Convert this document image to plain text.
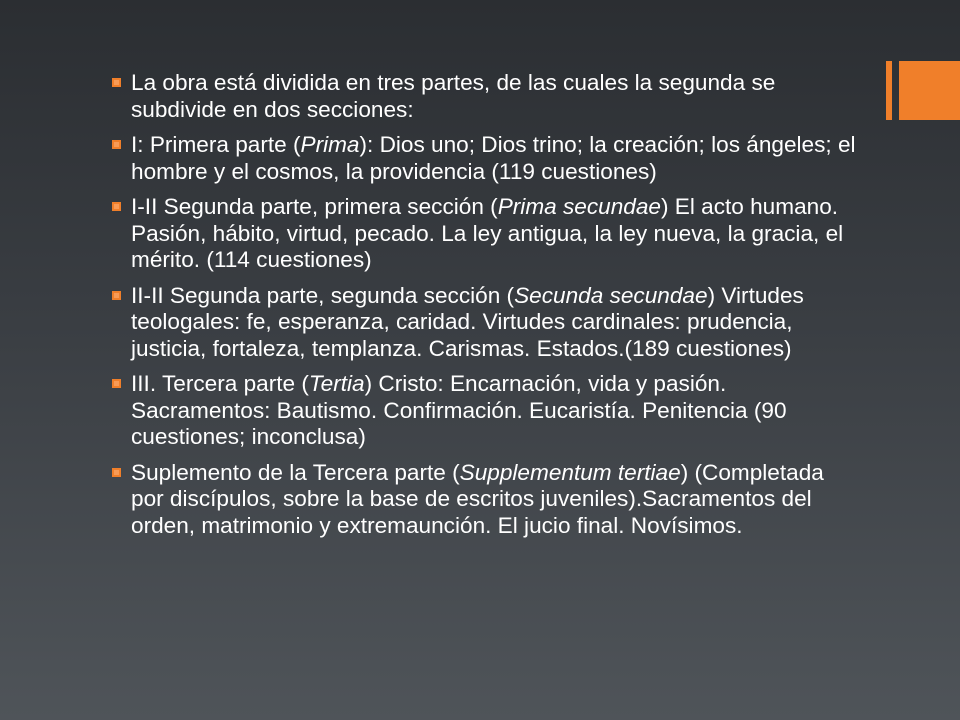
La obra está dividida en tres partes, de las cuales la segunda se subdivide en dos secciones:
I: Primera parte (Prima): Dios uno; Dios trino; la creación; los ángeles; el hombre y el cosmos, la providencia (119 cuestiones)
I-II Segunda parte, primera sección (Prima secundae) El acto humano. Pasión, hábito, virtud, pecado. La ley antigua, la ley nueva, la gracia, el mérito. (114 cuestiones)
II-II Segunda parte, segunda sección (Secunda secundae) Virtudes teologales: fe, esperanza, caridad. Virtudes cardinales: prudencia, justicia, fortaleza, templanza. Carismas. Estados.(189 cuestiones)
III. Tercera parte (Tertia) Cristo: Encarnación, vida y pasión. Sacramentos: Bautismo. Confirmación. Eucaristía. Penitencia (90 cuestiones; inconclusa)
Suplemento de la Tercera parte (Supplementum tertiae) (Completada por discípulos, sobre la base de escritos juveniles).Sacramentos del orden, matrimonio y extremaunción. El jucio final. Novísimos.
